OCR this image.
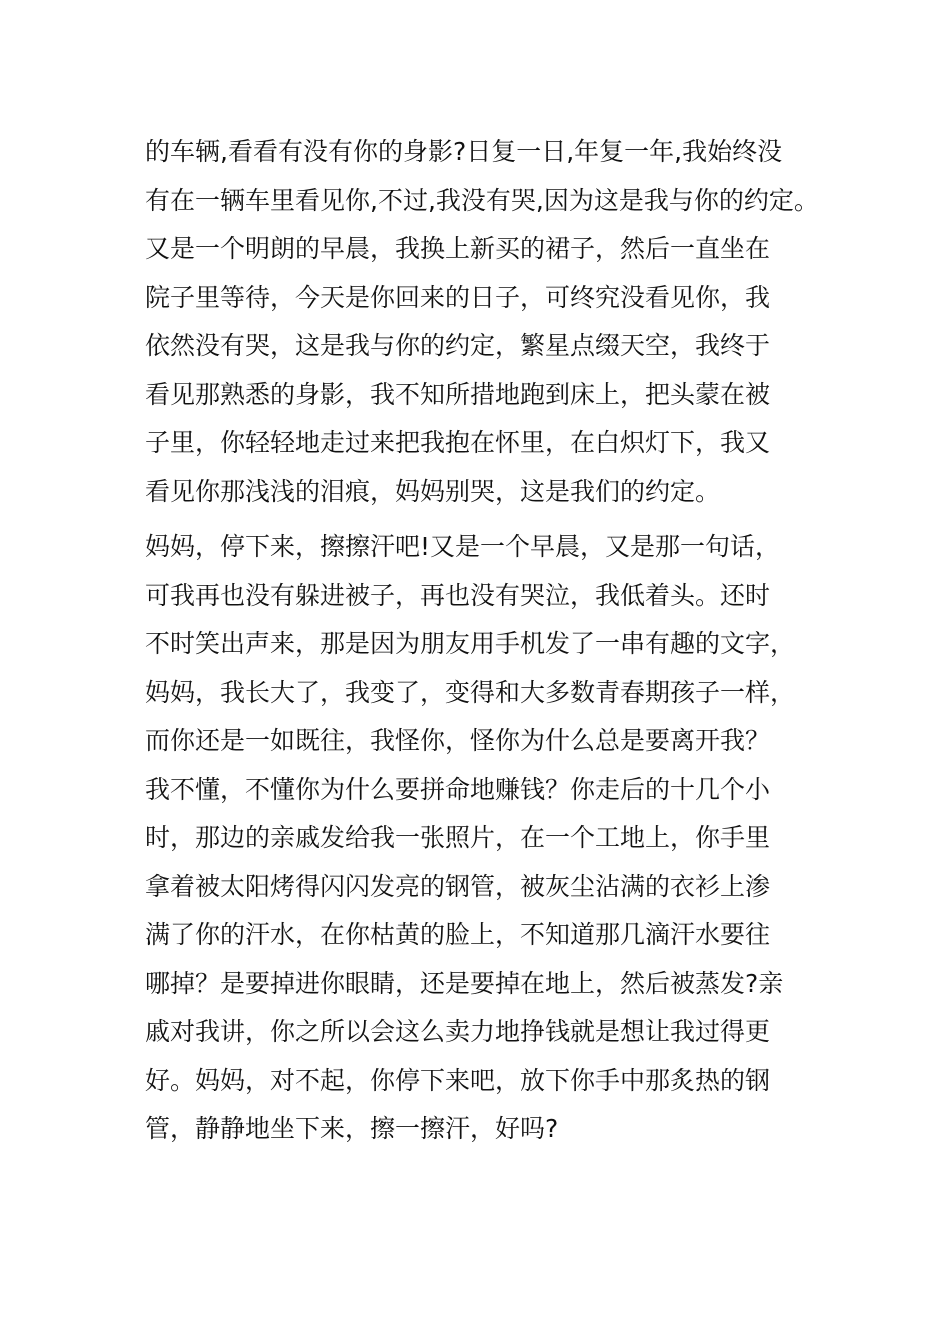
的车辆,看看有没有你的身影?日复一日,年复一年,我始终没
有在一辆车里看见你,不过,我没有哭,因为这是我与你的约定。
又是一个明朗的早晨，我换上新买的裙子，然后一直坐在
院子里等待，今天是你回来的日子，可终究没看见你，我
依然没有哭，这是我与你的约定，繁星点缀天空，我终于
看见那熟悉的身影，我不知所措地跑到床上，把头蒙在被
子里，你轻轻地走过来把我抱在怀里，在白炽灯下，我又
看见你那浅浅的泪痕，妈妈别哭，这是我们的约定。
妈妈，停下来，擦擦汗吧!又是一个早晨，又是那一句话，
可我再也没有躲进被子，再也没有哭泣，我低着头。还时
不时笑出声来，那是因为朋友用手机发了一串有趣的文字，
妈妈，我长大了，我变了，变得和大多数青春期孩子一样，
而你还是一如既往，我怪你，怪你为什么总是要离开我？
我不懂，不懂你为什么要拼命地赚钱？你走后的十几个小
时，那边的亲戚发给我一张照片，在一个工地上，你手里
拿着被太阳烤得闪闪发亮的钢管，被灰尘沾满的衣衫上渗
满了你的汗水，在你枯黄的脸上，不知道那几滴汗水要往
哪掉？是要掉进你眼睛，还是要掉在地上，然后被蒸发?亲
戚对我讲，你之所以会这么卖力地挣钱就是想让我过得更
好。妈妈，对不起，你停下来吧，放下你手中那炙热的钢
管，静静地坐下来，擦一擦汗，好吗?
